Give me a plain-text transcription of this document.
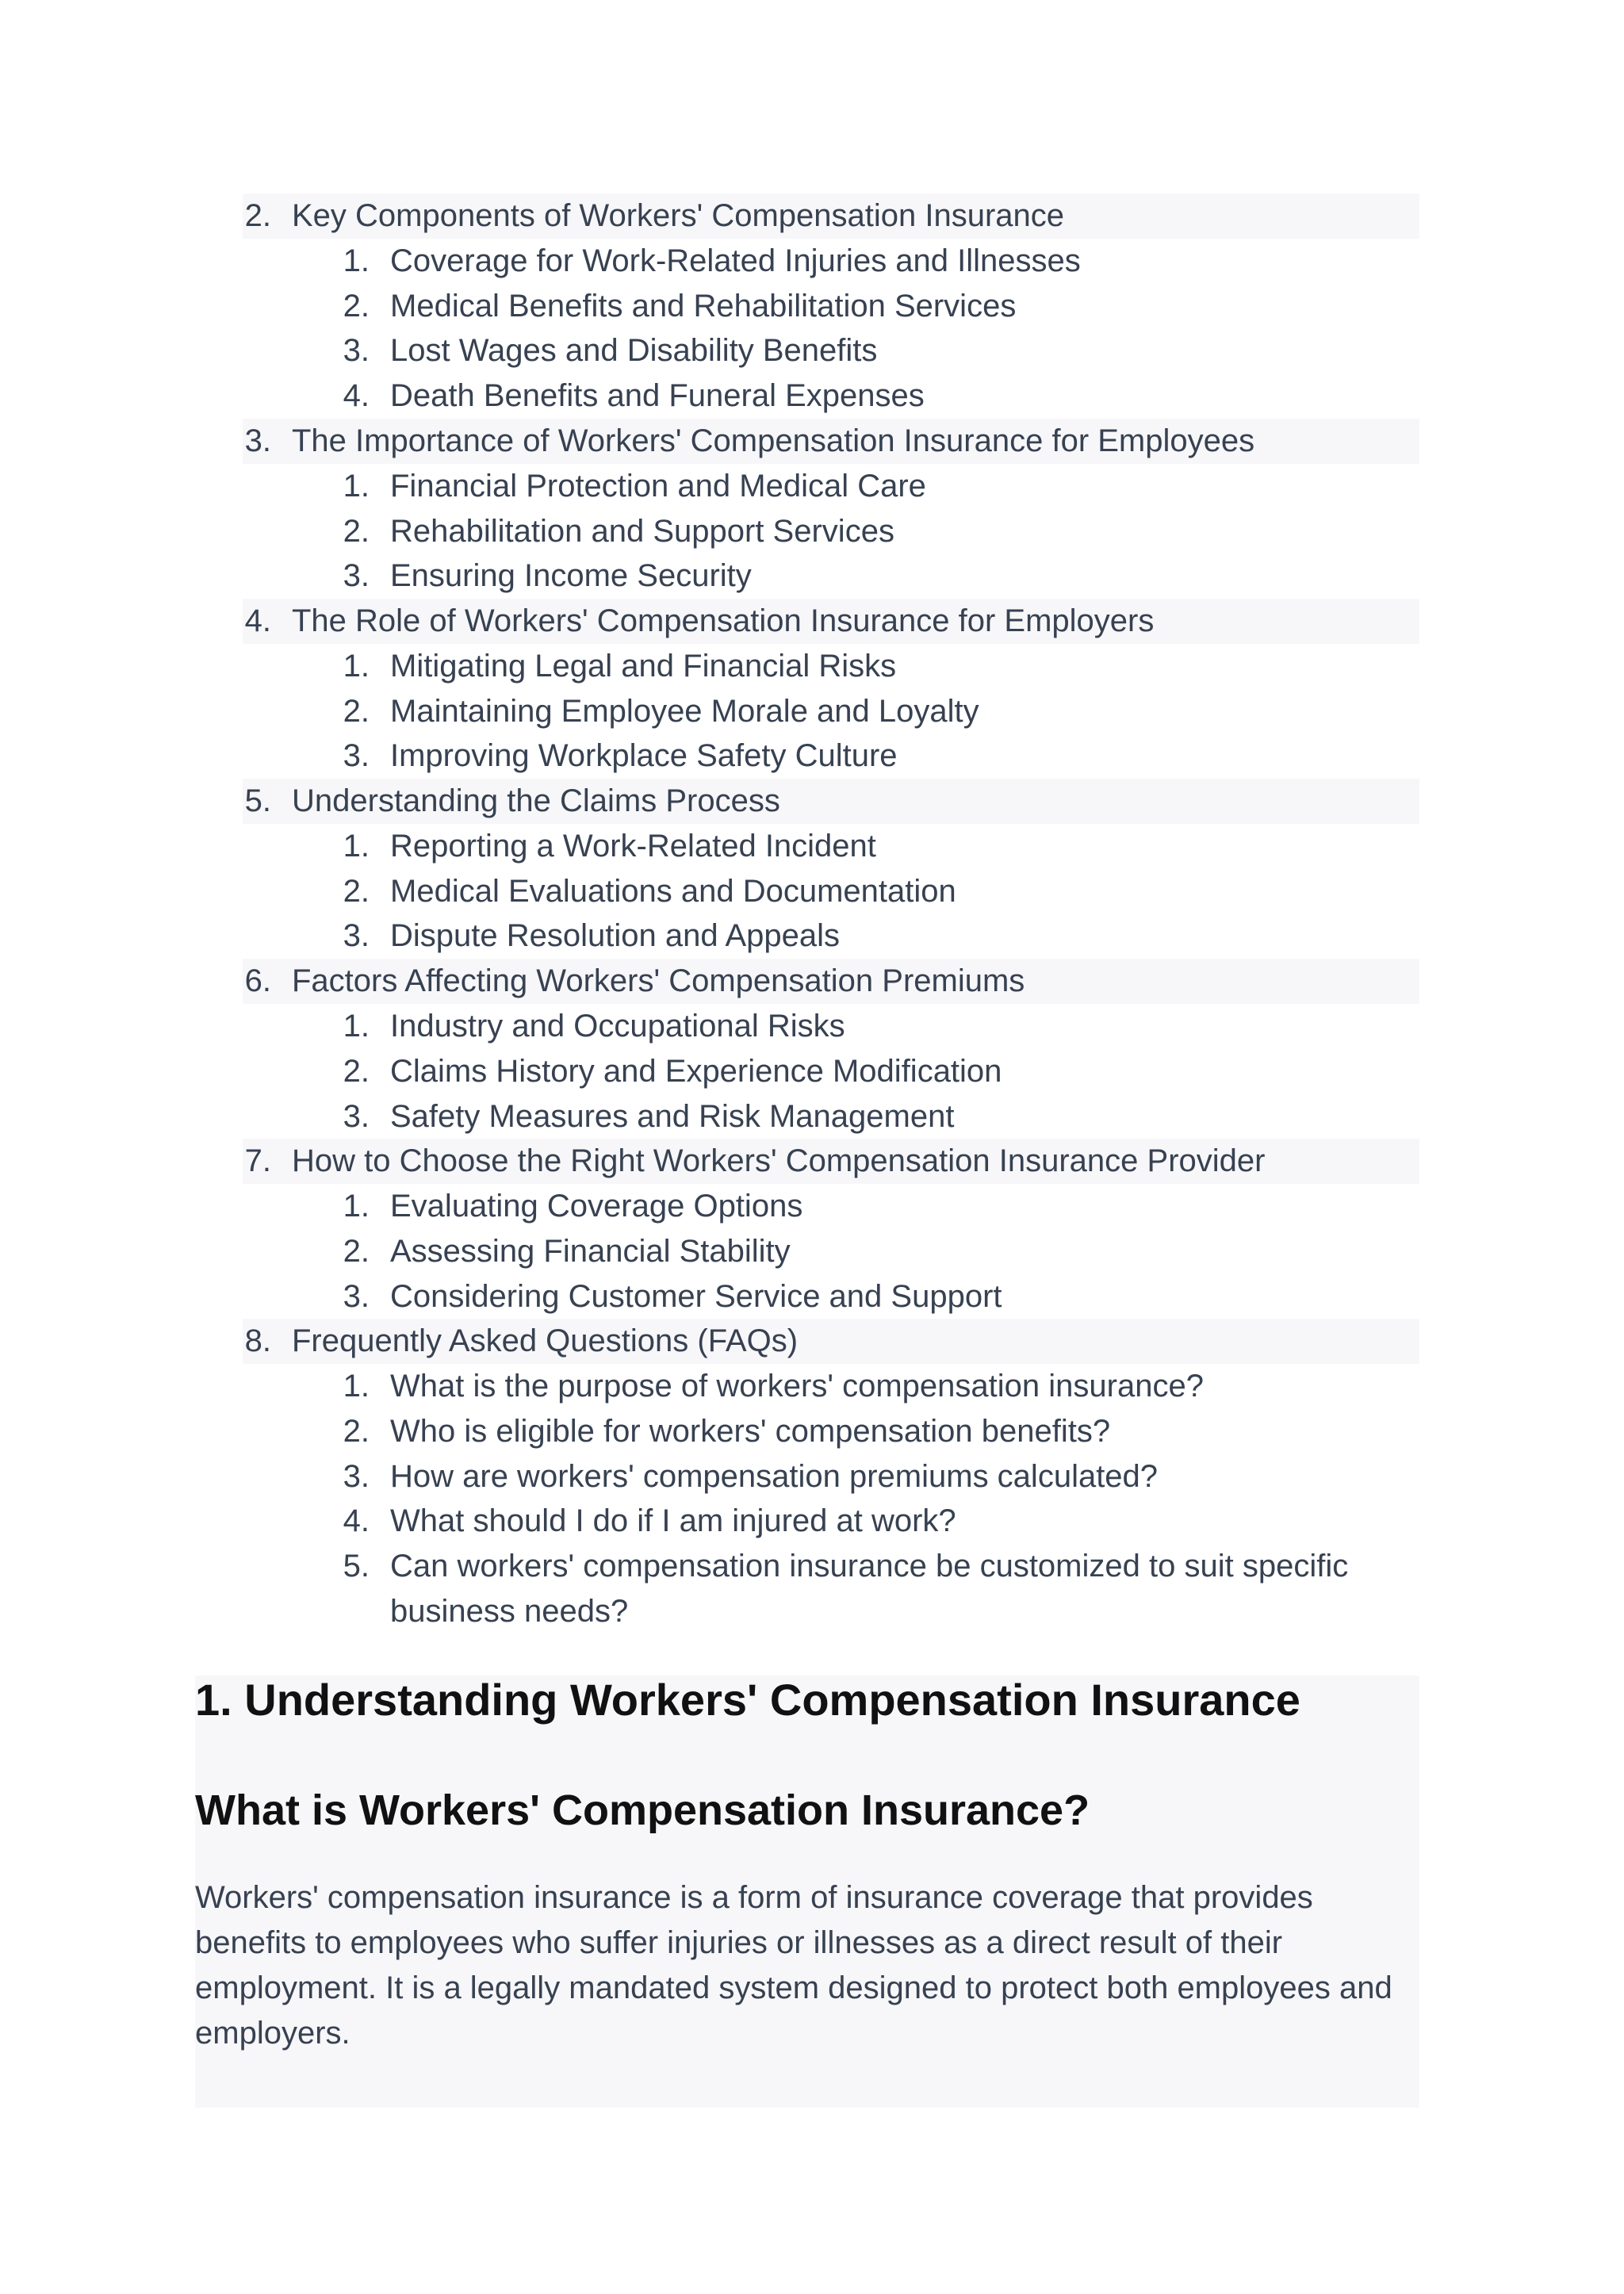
2. Key Components of Workers' Compensation Insurance
1. Coverage for Work-Related Injuries and Illnesses
2. Medical Benefits and Rehabilitation Services
3. Lost Wages and Disability Benefits
4. Death Benefits and Funeral Expenses
3. The Importance of Workers' Compensation Insurance for Employees
1. Financial Protection and Medical Care
2. Rehabilitation and Support Services
3. Ensuring Income Security
4. The Role of Workers' Compensation Insurance for Employers
1. Mitigating Legal and Financial Risks
2. Maintaining Employee Morale and Loyalty
3. Improving Workplace Safety Culture
5. Understanding the Claims Process
1. Reporting a Work-Related Incident
2. Medical Evaluations and Documentation
3. Dispute Resolution and Appeals
6. Factors Affecting Workers' Compensation Premiums
1. Industry and Occupational Risks
2. Claims History and Experience Modification
3. Safety Measures and Risk Management
7. How to Choose the Right Workers' Compensation Insurance Provider
1. Evaluating Coverage Options
2. Assessing Financial Stability
3. Considering Customer Service and Support
8. Frequently Asked Questions (FAQs)
1. What is the purpose of workers' compensation insurance?
2. Who is eligible for workers' compensation benefits?
3. How are workers' compensation premiums calculated?
4. What should I do if I am injured at work?
5. Can workers' compensation insurance be customized to suit specific business needs?
1. Understanding Workers' Compensation Insurance
What is Workers' Compensation Insurance?

Workers' compensation insurance is a form of insurance coverage that provides benefits to employees who suffer injuries or illnesses as a direct result of their employment. It is a legally mandated system designed to protect both employees and employers.
